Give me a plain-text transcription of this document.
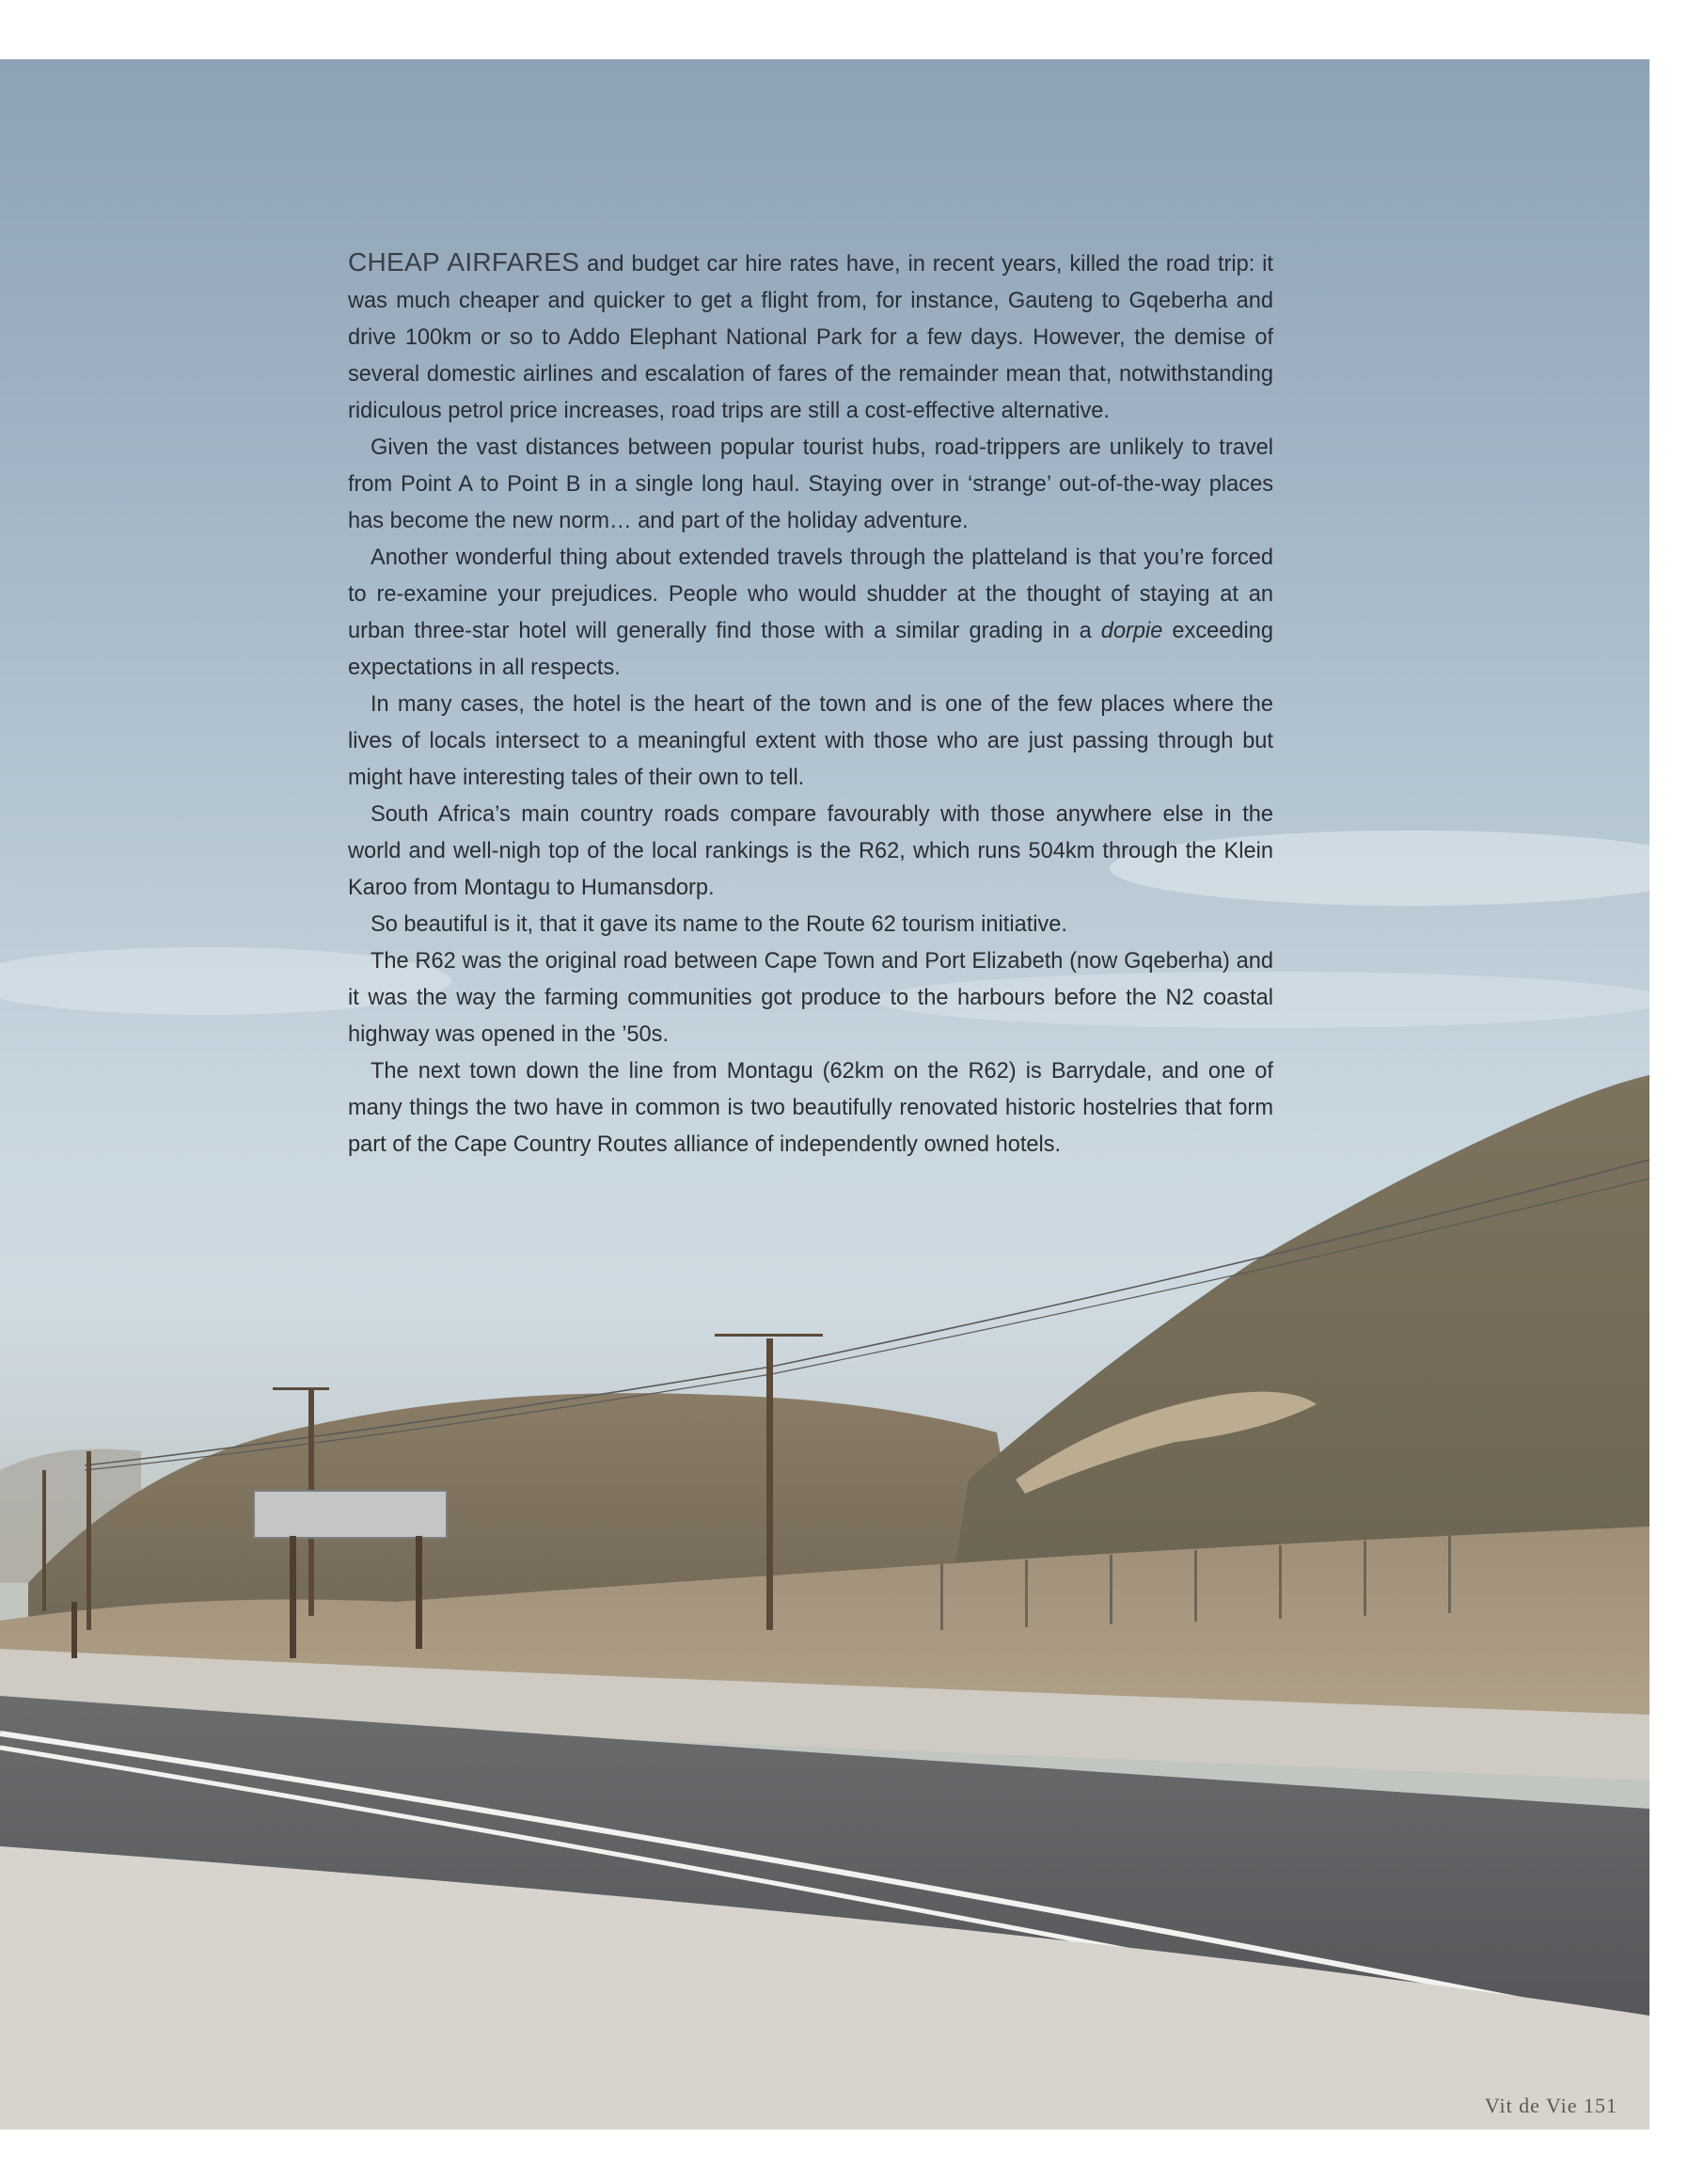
CHEAP AIRFARES and budget car hire rates have, in recent years, killed the road trip: it was much cheaper and quicker to get a flight from, for instance, Gauteng to Gqeberha and drive 100km or so to Addo Elephant National Park for a few days. However, the demise of several domestic airlines and escalation of fares of the remainder mean that, notwithstanding ridiculous petrol price increases, road trips are still a cost-effective alternative.

Given the vast distances between popular tourist hubs, road-trippers are unlikely to travel from Point A to Point B in a single long haul. Staying over in ‘strange’ out-of-the-way places has become the new norm… and part of the holiday adventure.

Another wonderful thing about extended travels through the platteland is that you’re forced to re-examine your prejudices. People who would shudder at the thought of staying at an urban three-star hotel will generally find those with a similar grading in a dorpie exceeding expectations in all respects.

In many cases, the hotel is the heart of the town and is one of the few places where the lives of locals intersect to a meaningful extent with those who are just passing through but might have interesting tales of their own to tell.

South Africa’s main country roads compare favourably with those anywhere else in the world and well-nigh top of the local rankings is the R62, which runs 504km through the Klein Karoo from Montagu to Humansdorp.

So beautiful is it, that it gave its name to the Route 62 tourism initiative.

The R62 was the original road between Cape Town and Port Elizabeth (now Gqeberha) and it was the way the farming communities got produce to the harbours before the N2 coastal highway was opened in the ’50s.

The next town down the line from Montagu (62km on the R62) is Barrydale, and one of many things the two have in common is two beautifully renovated historic hostelries that form part of the Cape Country Routes alliance of independently owned hotels.

Vit de Vie 151
